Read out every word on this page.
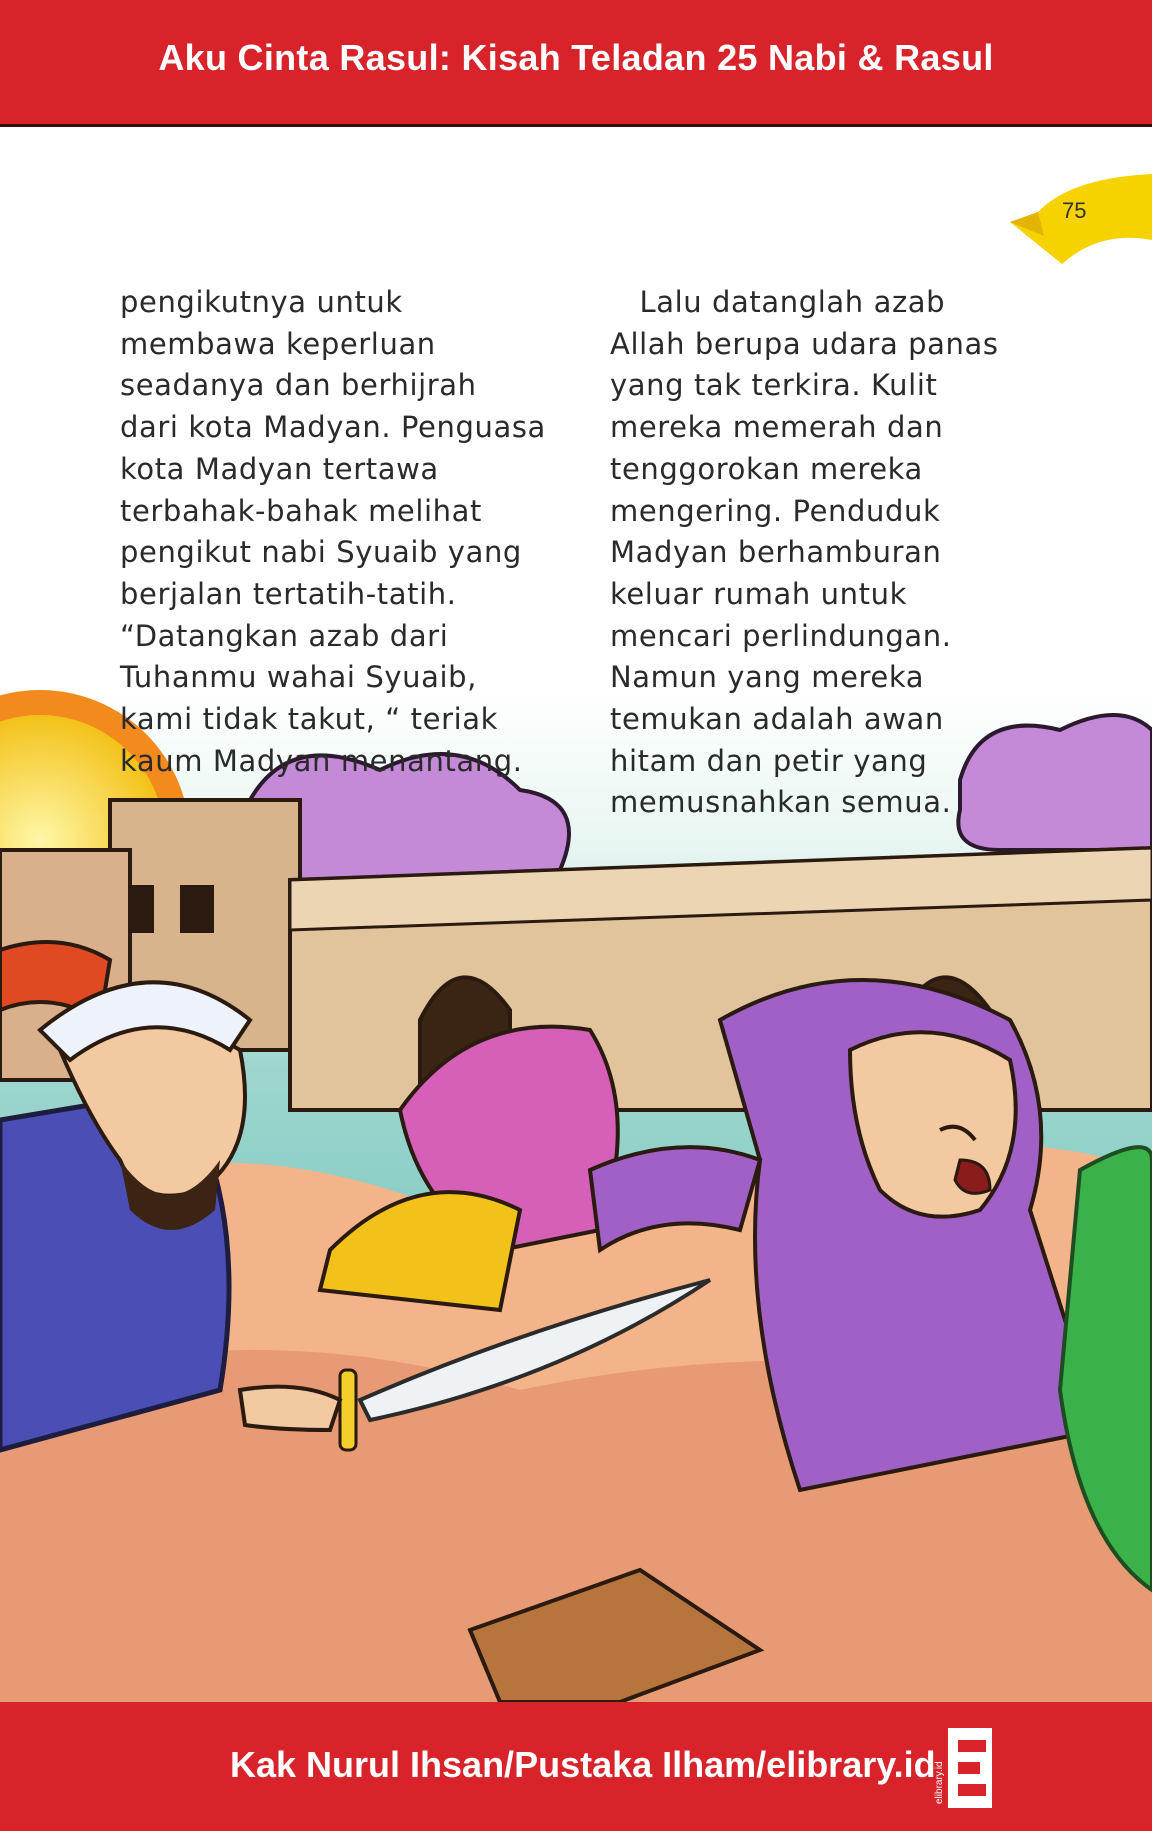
Aku Cinta Rasul: Kisah Teladan 25 Nabi & Rasul
75
pengikutnya untuk
membawa keperluan
seadanya dan berhijrah
dari kota Madyan. Penguasa
kota Madyan tertawa
terbahak-bahak melihat
pengikut nabi Syuaib yang
berjalan tertatih-tatih.
“Datangkan azab dari
Tuhanmu wahai Syuaib,
kami tidak takut, “ teriak
kaum Madyan menantang.
Lalu datanglah azab
Allah berupa udara panas
yang tak terkira. Kulit
mereka memerah dan
tenggorokan mereka
mengering. Penduduk
Madyan berhamburan
keluar rumah untuk
mencari perlindungan.
Namun yang mereka
temukan adalah awan
hitam dan petir yang
memusnahkan semua.
Kak Nurul Ihsan/Pustaka Ilham/elibrary.id
elibrary.id
